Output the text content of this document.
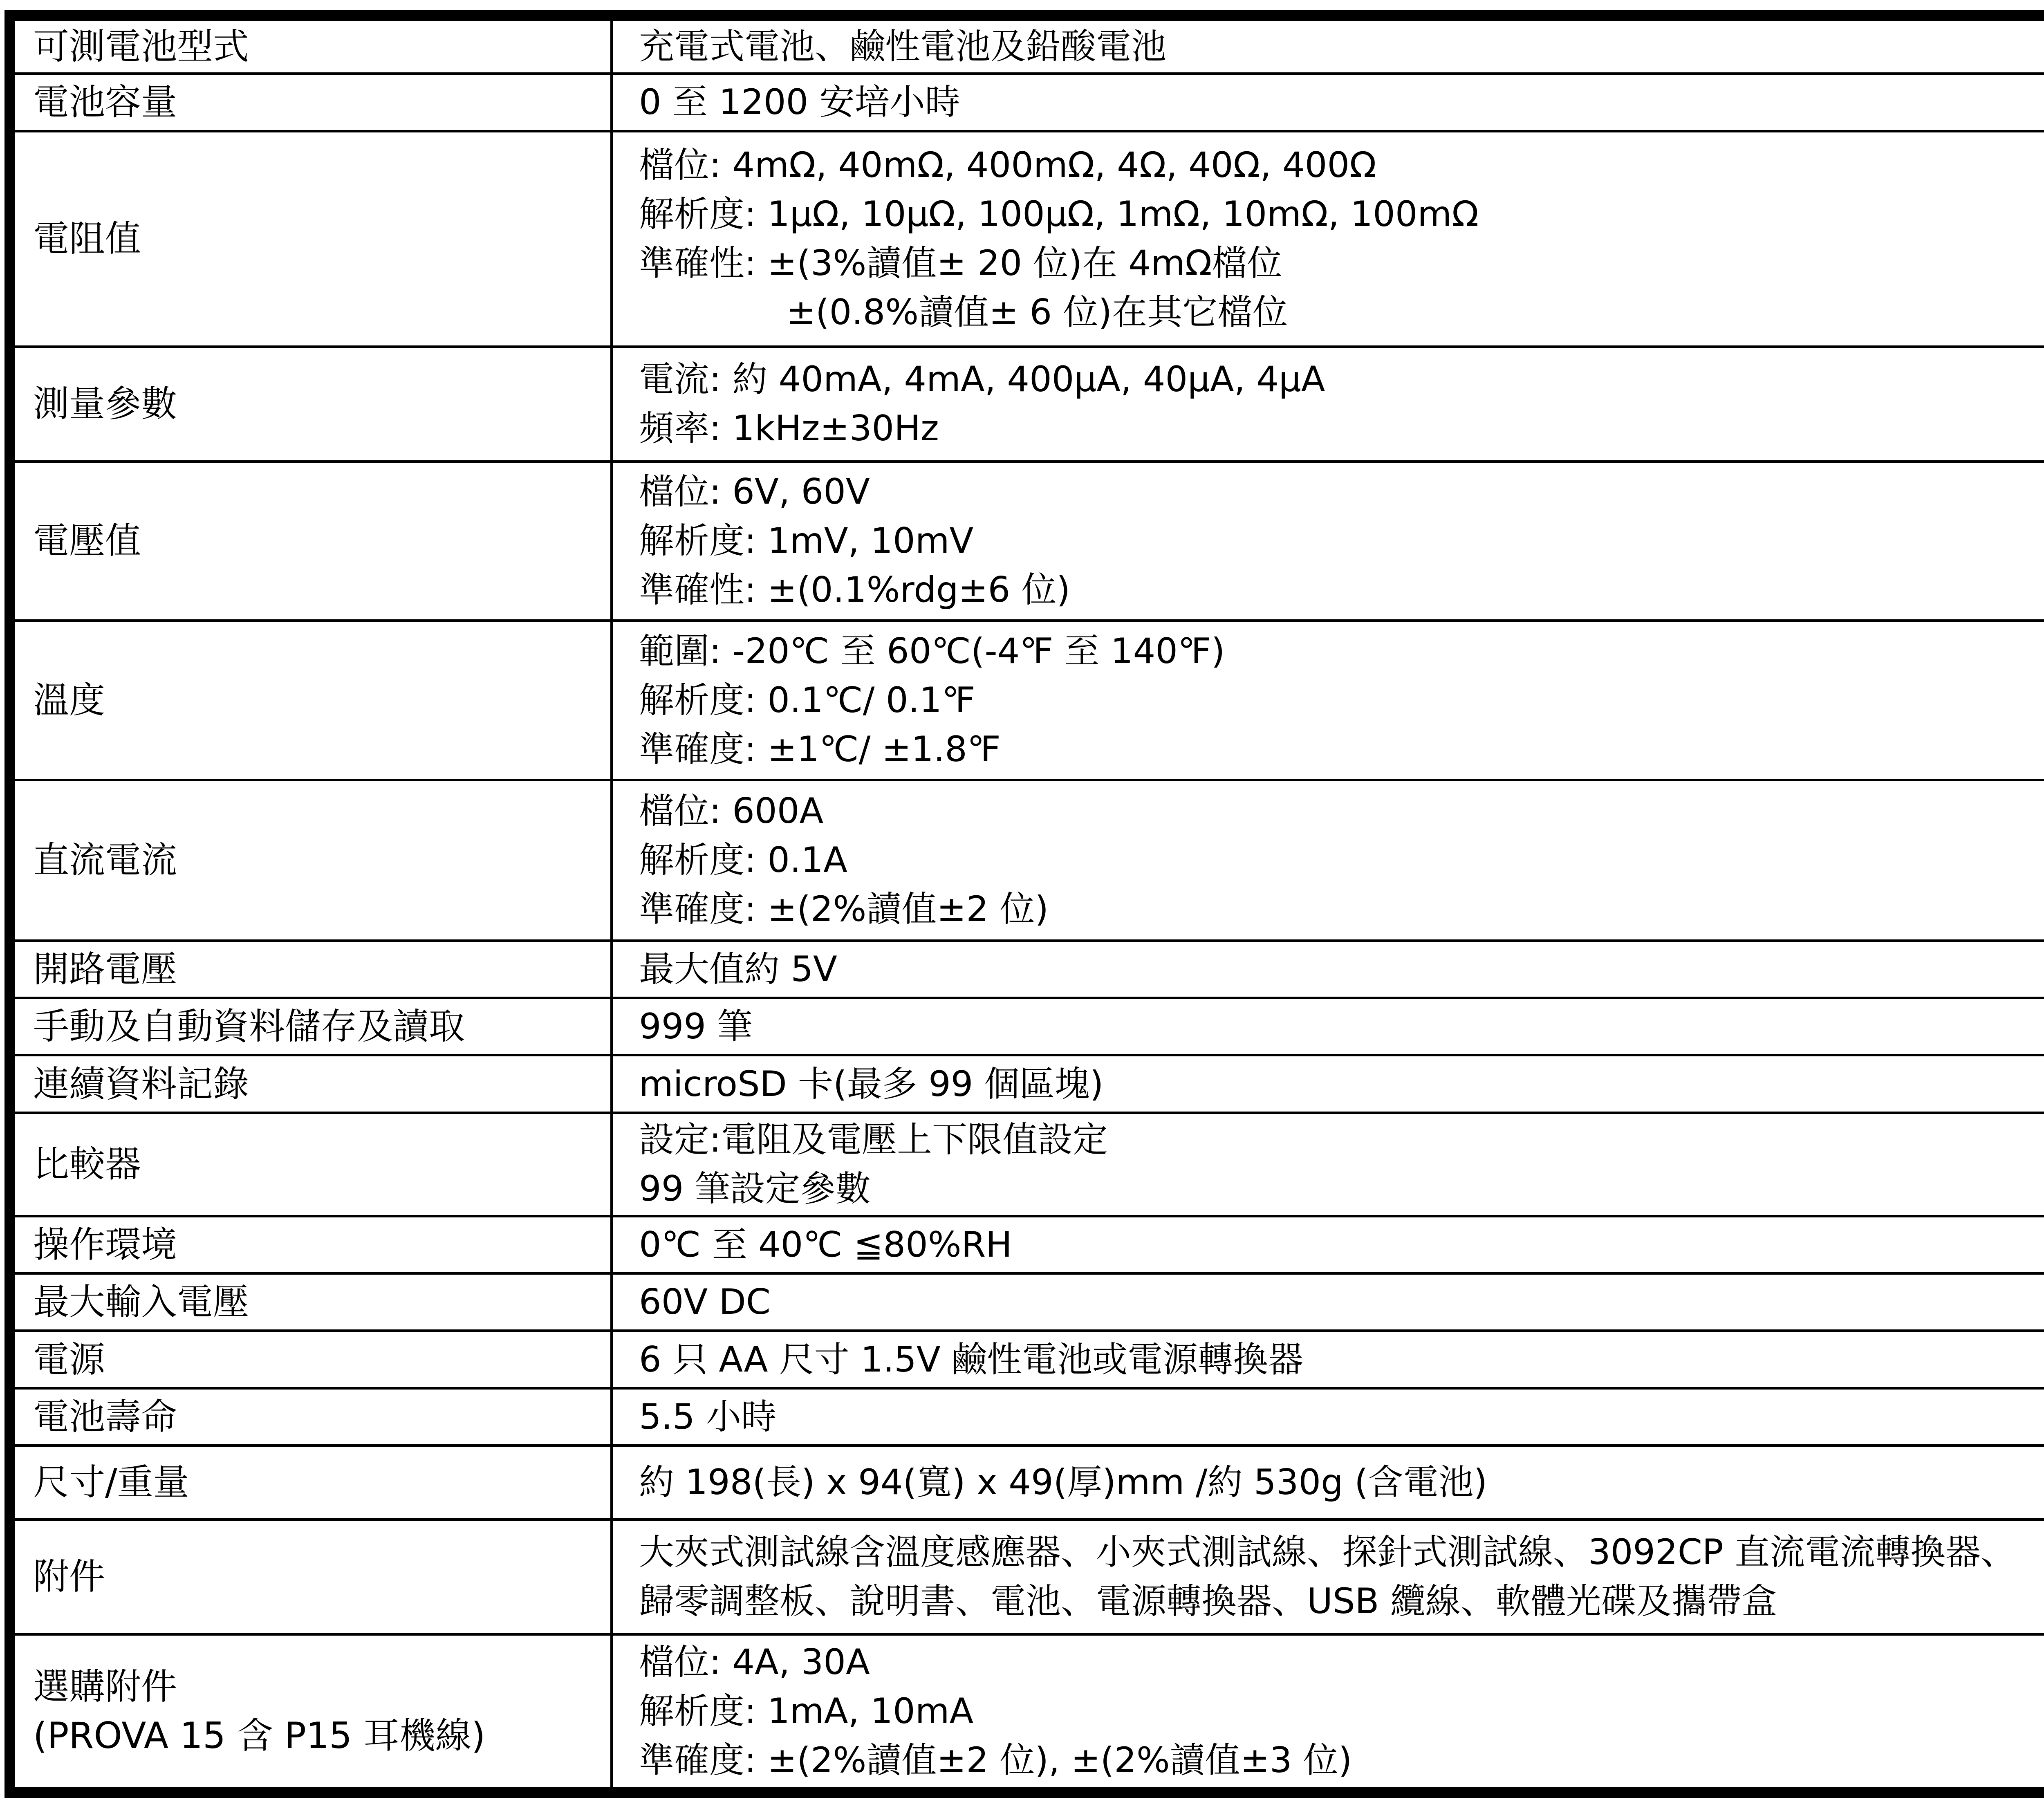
可測電池型式	充電式電池、鹼性電池及鉛酸電池

電池容量	0 至 1200 安培小時

電阻值	檔位: 4mΩ, 40mΩ, 400mΩ, 4Ω, 40Ω, 400Ω
解析度: 1μΩ, 10μΩ, 100μΩ, 1mΩ, 10mΩ, 100mΩ
準確性: ±(3%讀值± 20 位)在 4mΩ檔位
±(0.8%讀值± 6 位)在其它檔位

測量參數	電流: 約 40mA, 4mA, 400μA, 40μA, 4μA
頻率: 1kHz±30Hz

電壓值	檔位: 6V, 60V
解析度: 1mV, 10mV
準確性: ±(0.1%rdg±6 位)

溫度	範圍: -20℃ 至 60℃(-4℉ 至 140℉)
解析度: 0.1℃/ 0.1℉
準確度: ±1℃/ ±1.8℉

直流電流	檔位: 600A
解析度: 0.1A
準確度: ±(2%讀值±2 位)

開路電壓	最大值約 5V

手動及自動資料儲存及讀取	999 筆

連續資料記錄	microSD 卡(最多 99 個區塊)

比較器	設定:電阻及電壓上下限值設定
99 筆設定參數

操作環境	0℃ 至 40℃ ≦80%RH

最大輸入電壓	60V DC

電源	6 只 AA 尺寸 1.5V 鹼性電池或電源轉換器

電池壽命	5.5 小時

尺寸/重量	約 198(長) x 94(寬) x 49(厚)mm /約 530g (含電池)

附件	大夾式測試線含溫度感應器、小夾式測試線、探針式測試線、3092CP 直流電流轉換器、
歸零調整板、說明書、電池、電源轉換器、USB 纜線、軟體光碟及攜帶盒

選購附件
(PROVA 15 含 P15 耳機線)	檔位: 4A, 30A
解析度: 1mA, 10mA
準確度: ±(2%讀值±2 位), ±(2%讀值±3 位)
